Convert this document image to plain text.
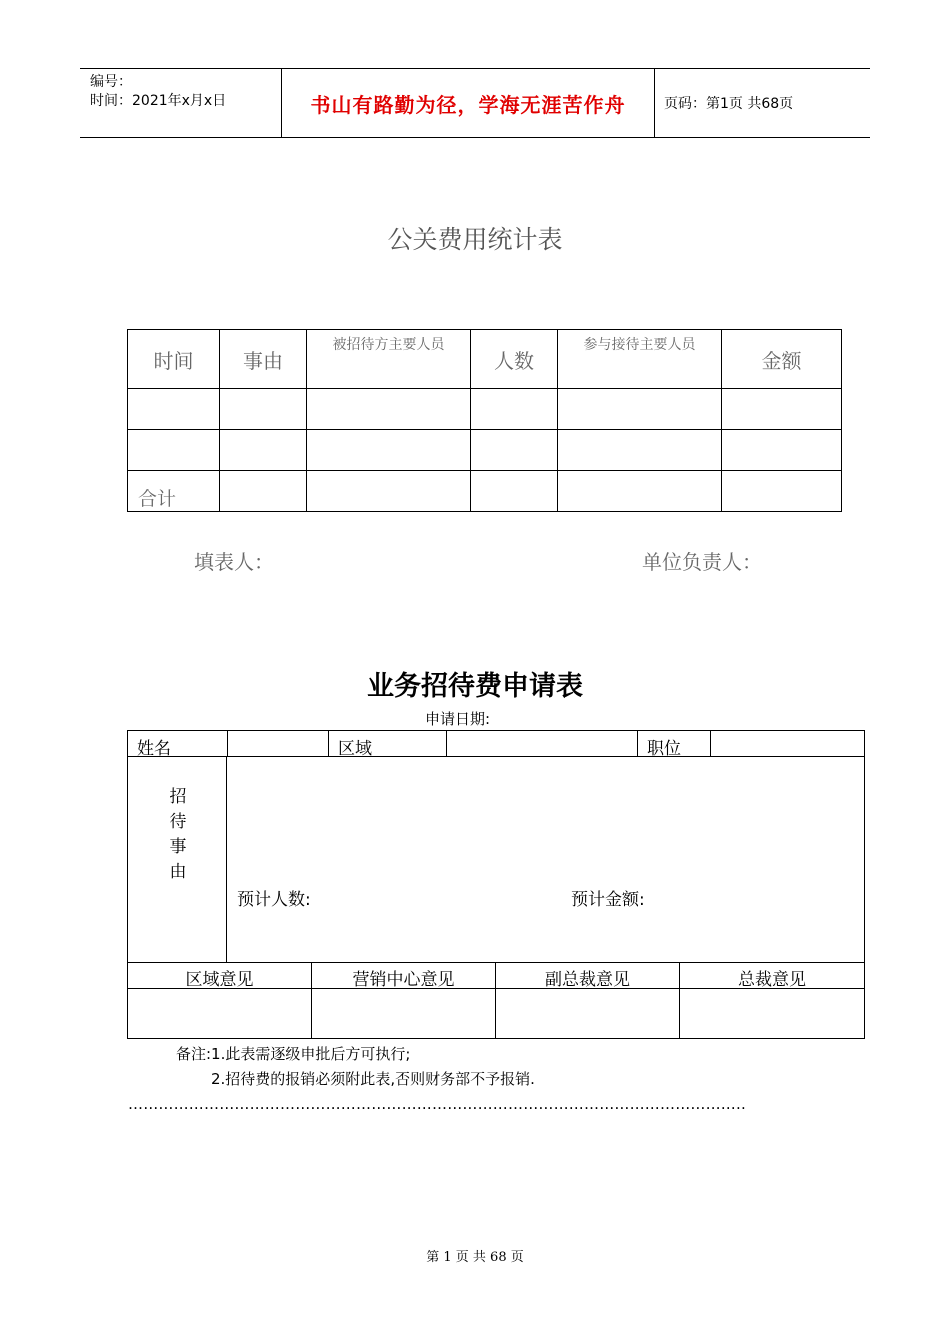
编号：
时间：2021年x月x日	书山有路勤为径，学海无涯苦作舟	页码：第1页 共68页
公关费用统计表
时间	事由	被招待方主要人员	人数	参与接待主要人员	金额

合计					
填表人：	单位负责人：
业务招待费申请表
申请日期:
姓名	区域	职位
招
待
事
由
预计人数:	预计金额:
区域意见	营销中心意见	副总裁意见	总裁意见
备注:1.此表需逐级申批后方可执行;
2.招待费的报销必须附此表,否则财务部不予报销.
…………………………………………………………………………………………………………..
第 1 页 共 68 页
